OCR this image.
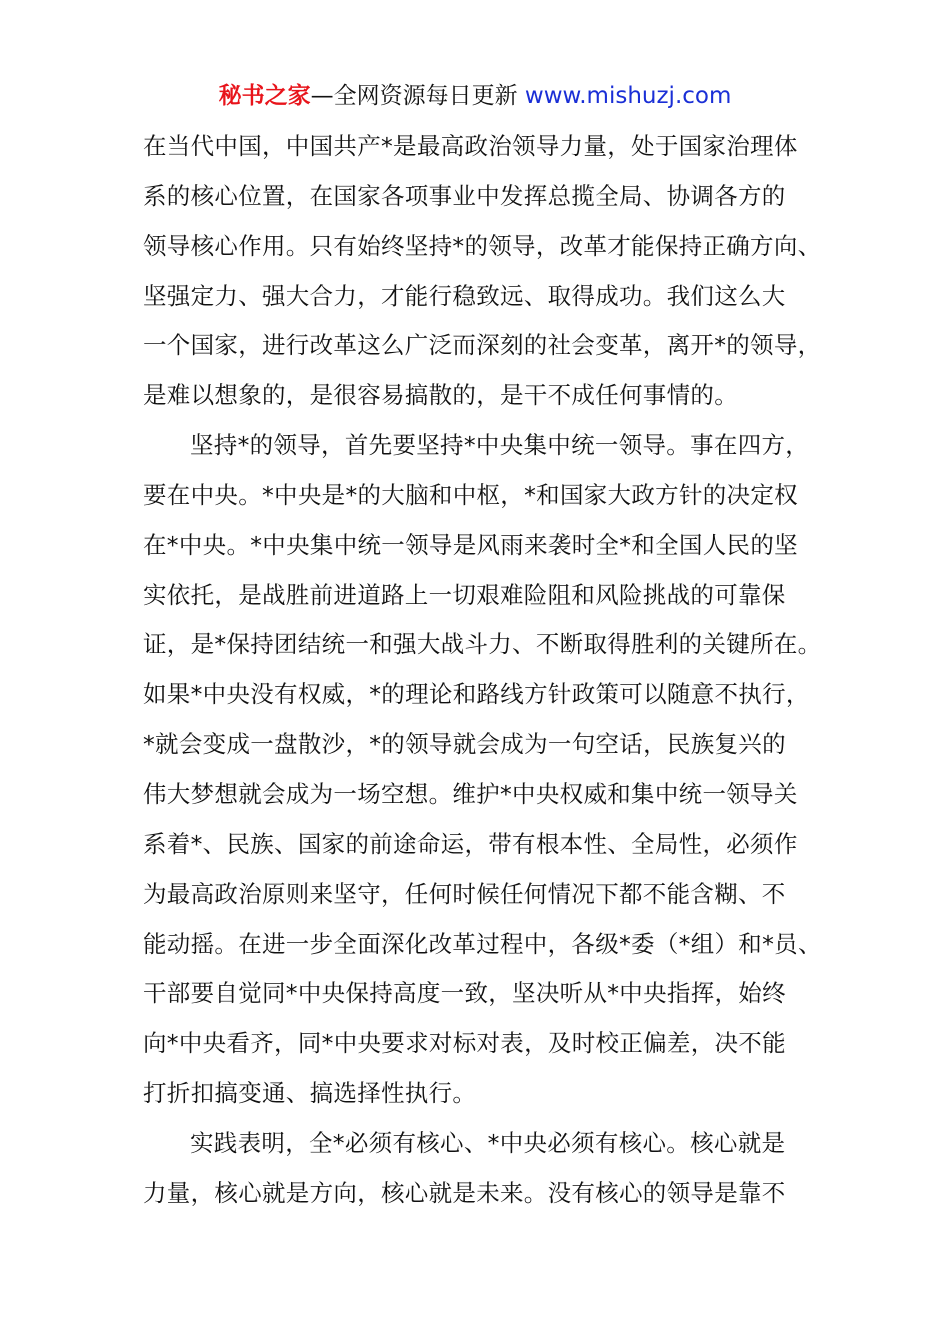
秘书之家—全网资源每日更新 www.mishuzj.com
在当代中国，中国共产*是最高政治领导力量，处于国家治理体
系的核心位置，在国家各项事业中发挥总揽全局、协调各方的
领导核心作用。只有始终坚持*的领导，改革才能保持正确方向、
坚强定力、强大合力，才能行稳致远、取得成功。我们这么大
一个国家，进行改革这么广泛而深刻的社会变革，离开*的领导，
是难以想象的，是很容易搞散的，是干不成任何事情的。
坚持*的领导，首先要坚持*中央集中统一领导。事在四方，
要在中央。*中央是*的大脑和中枢，*和国家大政方针的决定权
在*中央。*中央集中统一领导是风雨来袭时全*和全国人民的坚
实依托，是战胜前进道路上一切艰难险阻和风险挑战的可靠保
证，是*保持团结统一和强大战斗力、不断取得胜利的关键所在。
如果*中央没有权威，*的理论和路线方针政策可以随意不执行，
*就会变成一盘散沙，*的领导就会成为一句空话，民族复兴的
伟大梦想就会成为一场空想。维护*中央权威和集中统一领导关
系着*、民族、国家的前途命运，带有根本性、全局性，必须作
为最高政治原则来坚守，任何时候任何情况下都不能含糊、不
能动摇。在进一步全面深化改革过程中，各级*委（*组）和*员、
干部要自觉同*中央保持高度一致，坚决听从*中央指挥，始终
向*中央看齐，同*中央要求对标对表，及时校正偏差，决不能
打折扣搞变通、搞选择性执行。
实践表明，全*必须有核心、*中央必须有核心。核心就是
力量，核心就是方向，核心就是未来。没有核心的领导是靠不
